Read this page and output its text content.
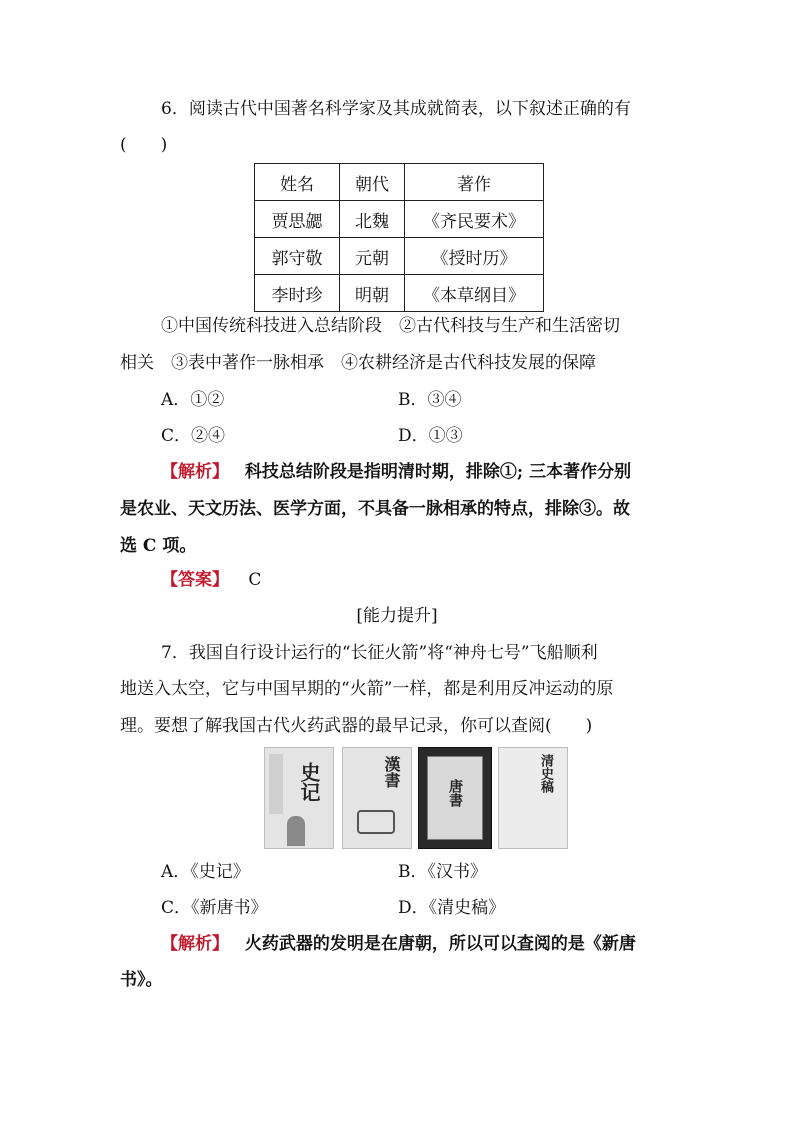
6．阅读古代中国著名科学家及其成就简表，以下叙述正确的有
(　　)
姓名	朝代	著作
贾思勰	北魏	《齐民要术》
郭守敬	元朝	《授时历》
李时珍	明朝	《本草纲目》
①中国传统科技进入总结阶段　②古代科技与生产和生活密切
相关　③表中著作一脉相承　④农耕经济是古代科技发展的保障
A．①②	B．③④
C．②④	D．①③
【解析】 科技总结阶段是指明清时期，排除①; 三本著作分别
是农业、天文历法、医学方面，不具备一脉相承的特点，排除③。故
选 C 项。
【答案】 C
[能力提升]
7．我国自行设计运行的“长征火箭”将“神舟七号”飞船顺利
地送入太空，它与中国早期的“火箭”一样，都是利用反冲运动的原
理。要想了解我国古代火药武器的最早记录，你可以查阅(　　)
史记	漢書
唐書	清史稿
A．《史记》	B．《汉书》
C．《新唐书》	D．《清史稿》
【解析】 火药武器的发明是在唐朝，所以可以查阅的是《新唐
书》。
